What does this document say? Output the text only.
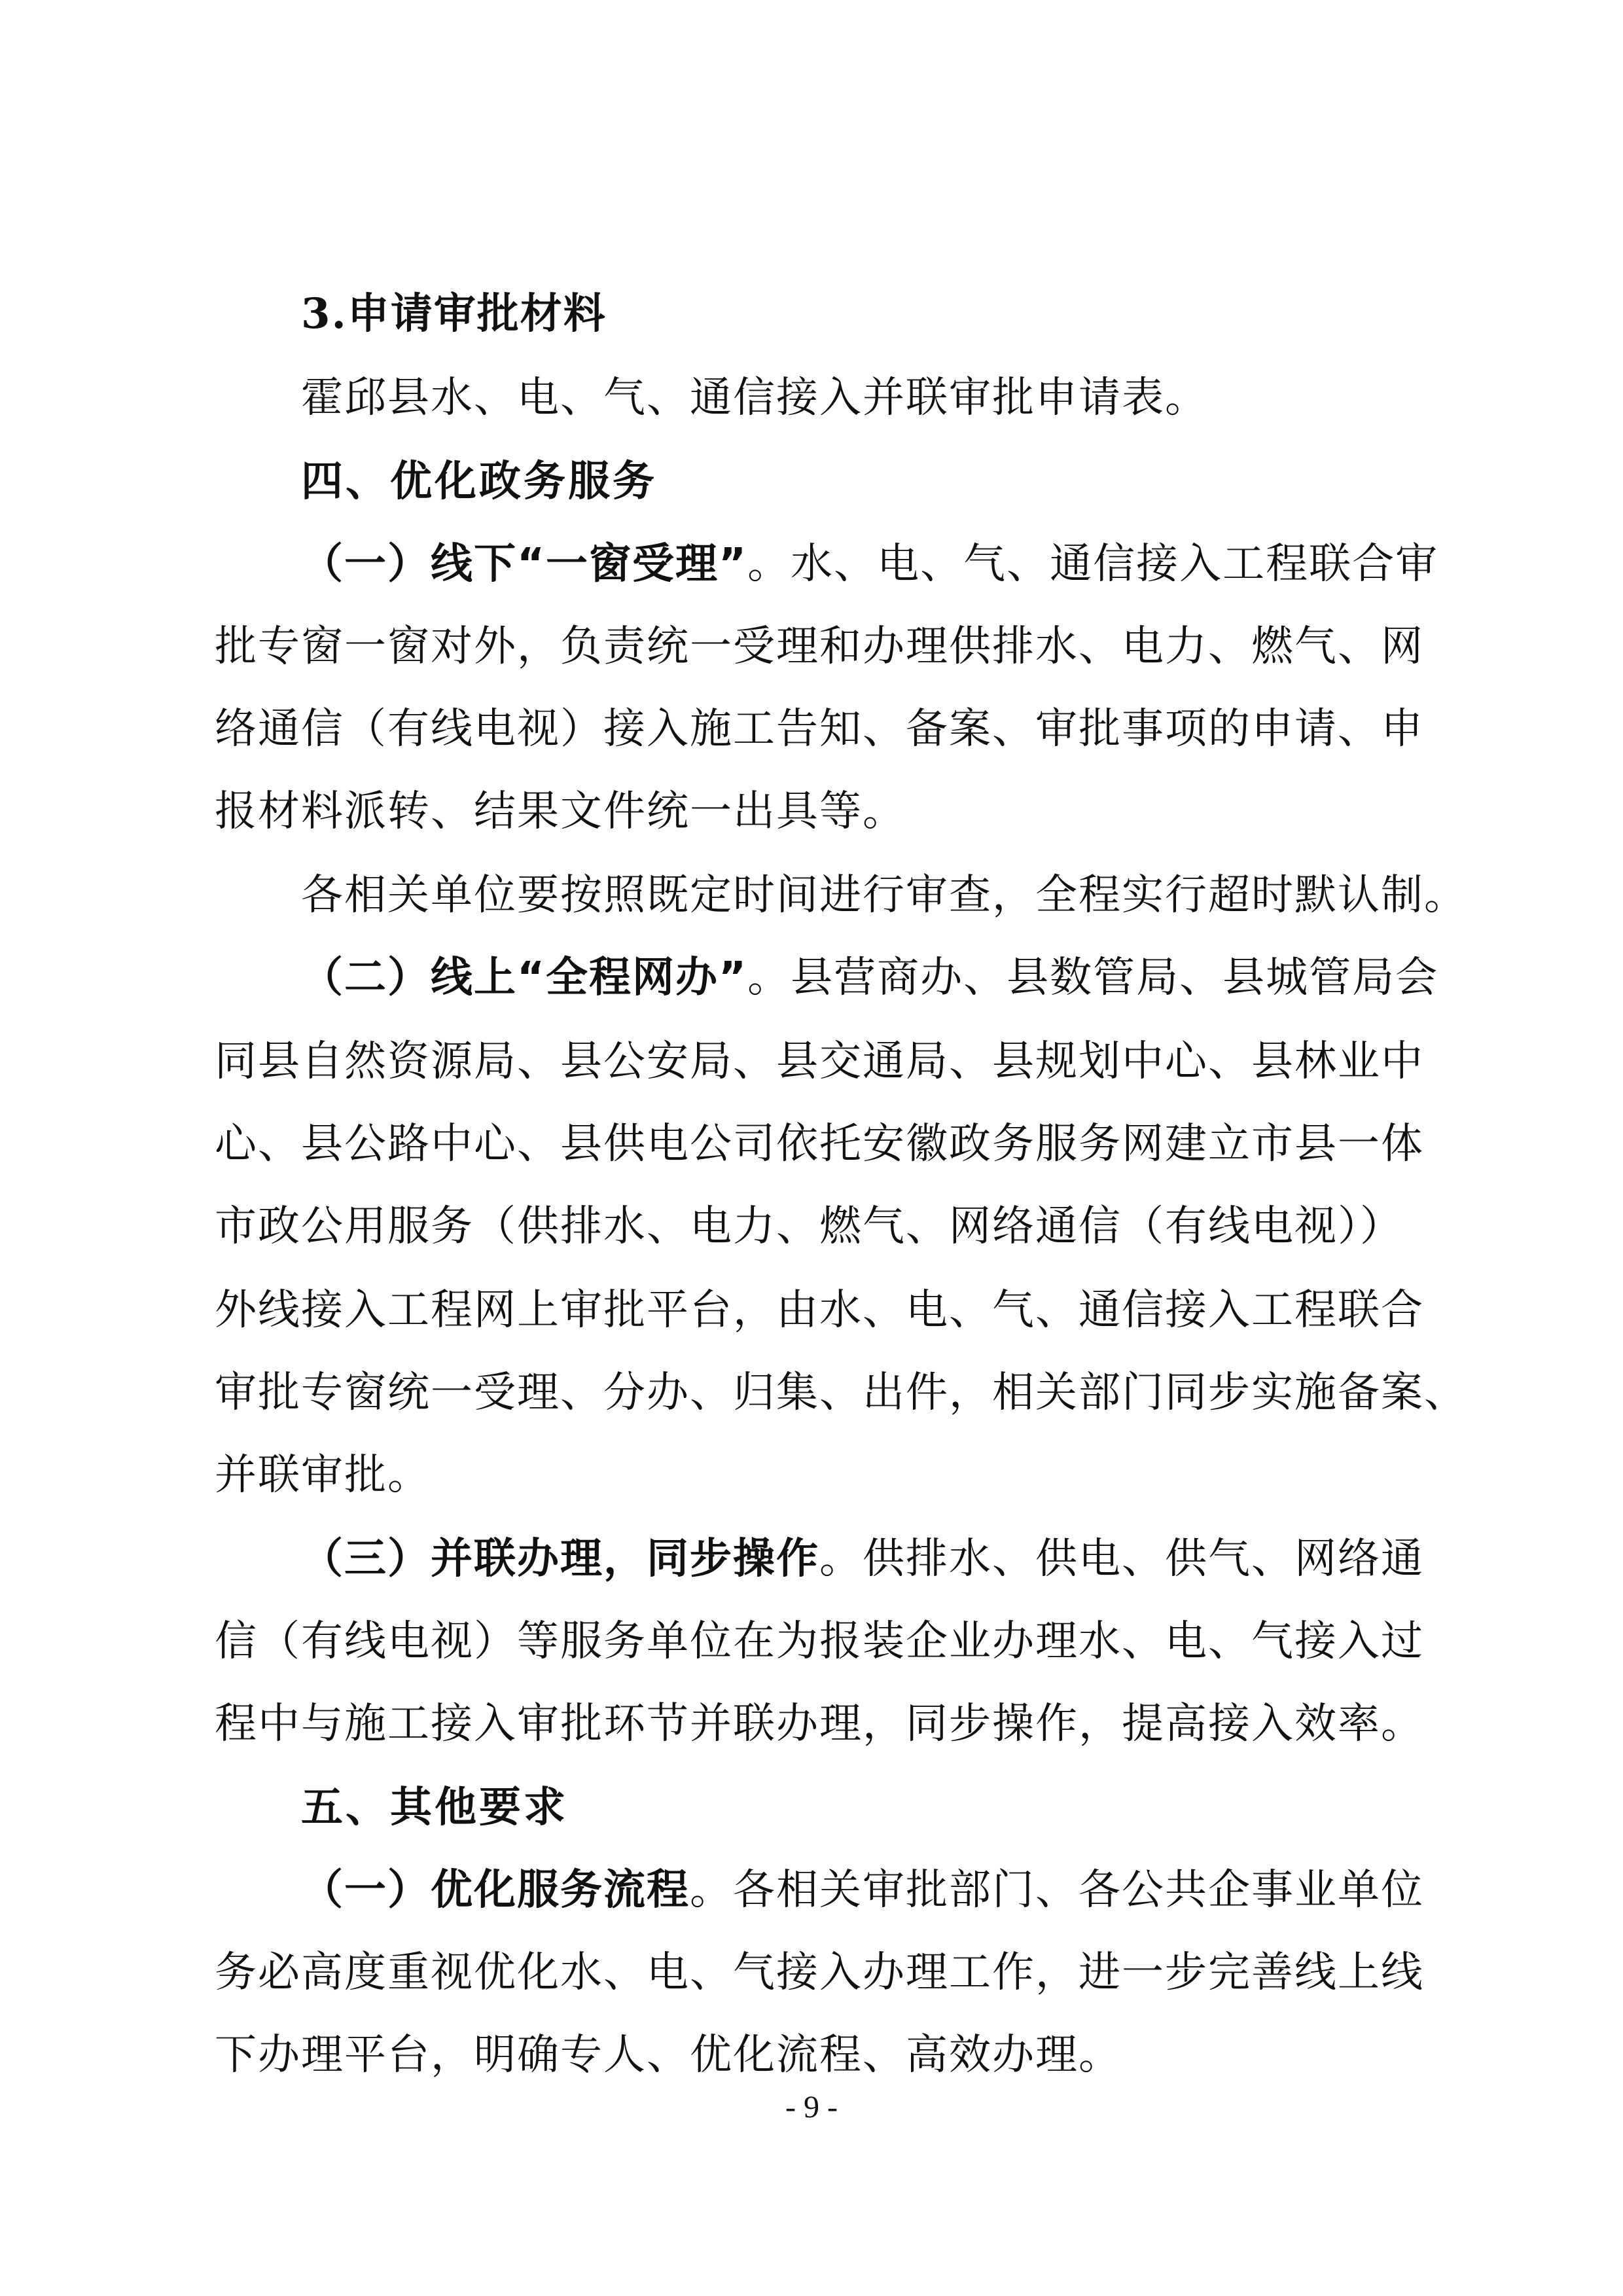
3.申请审批材料
霍邱县水、电、气、通信接入并联审批申请表。
四、优化政务服务
（一）线下“一窗受理”。水、电、气、通信接入工程联合审
批专窗一窗对外，负责统一受理和办理供排水、电力、燃气、网
络通信（有线电视）接入施工告知、备案、审批事项的申请、申
报材料派转、结果文件统一出具等。
各相关单位要按照既定时间进行审查，全程实行超时默认制。
（二）线上“全程网办”。县营商办、县数管局、县城管局会
同县自然资源局、县公安局、县交通局、县规划中心、县林业中
心、县公路中心、县供电公司依托安徽政务服务网建立市县一体
市政公用服务（供排水、电力、燃气、网络通信（有线电视））
外线接入工程网上审批平台，由水、电、气、通信接入工程联合
审批专窗统一受理、分办、归集、出件，相关部门同步实施备案、
并联审批。
（三）并联办理，同步操作。供排水、供电、供气、网络通
信（有线电视）等服务单位在为报装企业办理水、电、气接入过
程中与施工接入审批环节并联办理，同步操作，提高接入效率。
五、其他要求
（一）优化服务流程。各相关审批部门、各公共企事业单位
务必高度重视优化水、电、气接入办理工作，进一步完善线上线
下办理平台，明确专人、优化流程、高效办理。
- 9 -
